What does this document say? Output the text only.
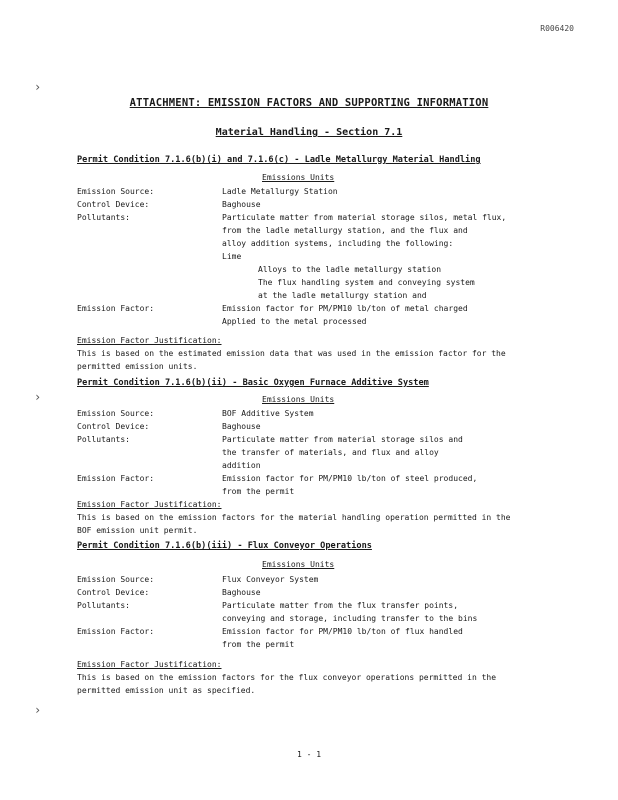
R006420
›
›
›
ATTACHMENT: EMISSION FACTORS AND SUPPORTING INFORMATION
Material Handling - Section 7.1
Permit Condition 7.1.6(b)(i) and 7.1.6(c) - Ladle Metallurgy Material Handling
Emissions Units
Emission Source:	Ladle Metallurgy Station
Control Device:	Baghouse
Pollutants:	Particulate matter from material storage silos, metal flux,
from the ladle metallurgy station, and the flux and
alloy addition systems, including the following:
Lime
Alloys to the ladle metallurgy station
The flux handling system and conveying system
at the ladle metallurgy station and
Emission Factor:	Emission factor for PM/PM10 lb/ton of metal charged
Applied to the metal processed
Emission Factor Justification:
This is based on the estimated emission data that was used in the emission factor for the
permitted emission units.
Permit Condition 7.1.6(b)(ii) - Basic Oxygen Furnace Additive System
Emissions Units
Emission Source:	BOF Additive System
Control Device:	Baghouse
Pollutants:	Particulate matter from material storage silos and
the transfer of materials, and flux and alloy
addition
Emission Factor:	Emission factor for PM/PM10 lb/ton of steel produced,
from the permit
Emission Factor Justification:
This is based on the emission factors for the material handling operation permitted in the
BOF emission unit permit.
Permit Condition 7.1.6(b)(iii) - Flux Conveyor Operations
Emissions Units
Emission Source:	Flux Conveyor System
Control Device:	Baghouse
Pollutants:	Particulate matter from the flux transfer points,
conveying and storage, including transfer to the bins
Emission Factor:	Emission factor for PM/PM10 lb/ton of flux handled
from the permit
Emission Factor Justification:
This is based on the emission factors for the flux conveyor operations permitted in the
permitted emission unit as specified.
1 - 1
